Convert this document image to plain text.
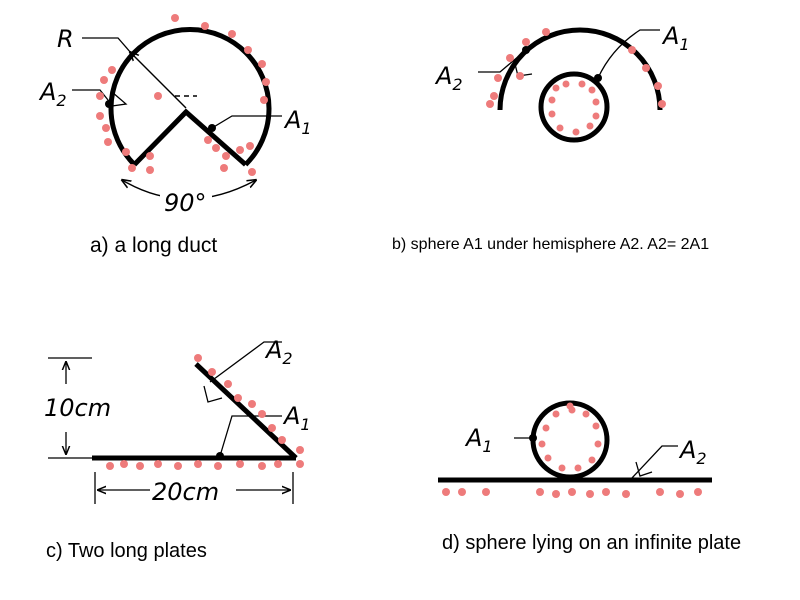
R
$A_2$
$A_1$
90°
$A_1$
$A_2$
10cm
20cm
$A_2$
$A_1$	$A_1$	$A_2$
a) a long duct	b) sphere A1 under hemisphere A2. A2= 2A1
c) Two long plates	d) sphere lying on an infinite plate
